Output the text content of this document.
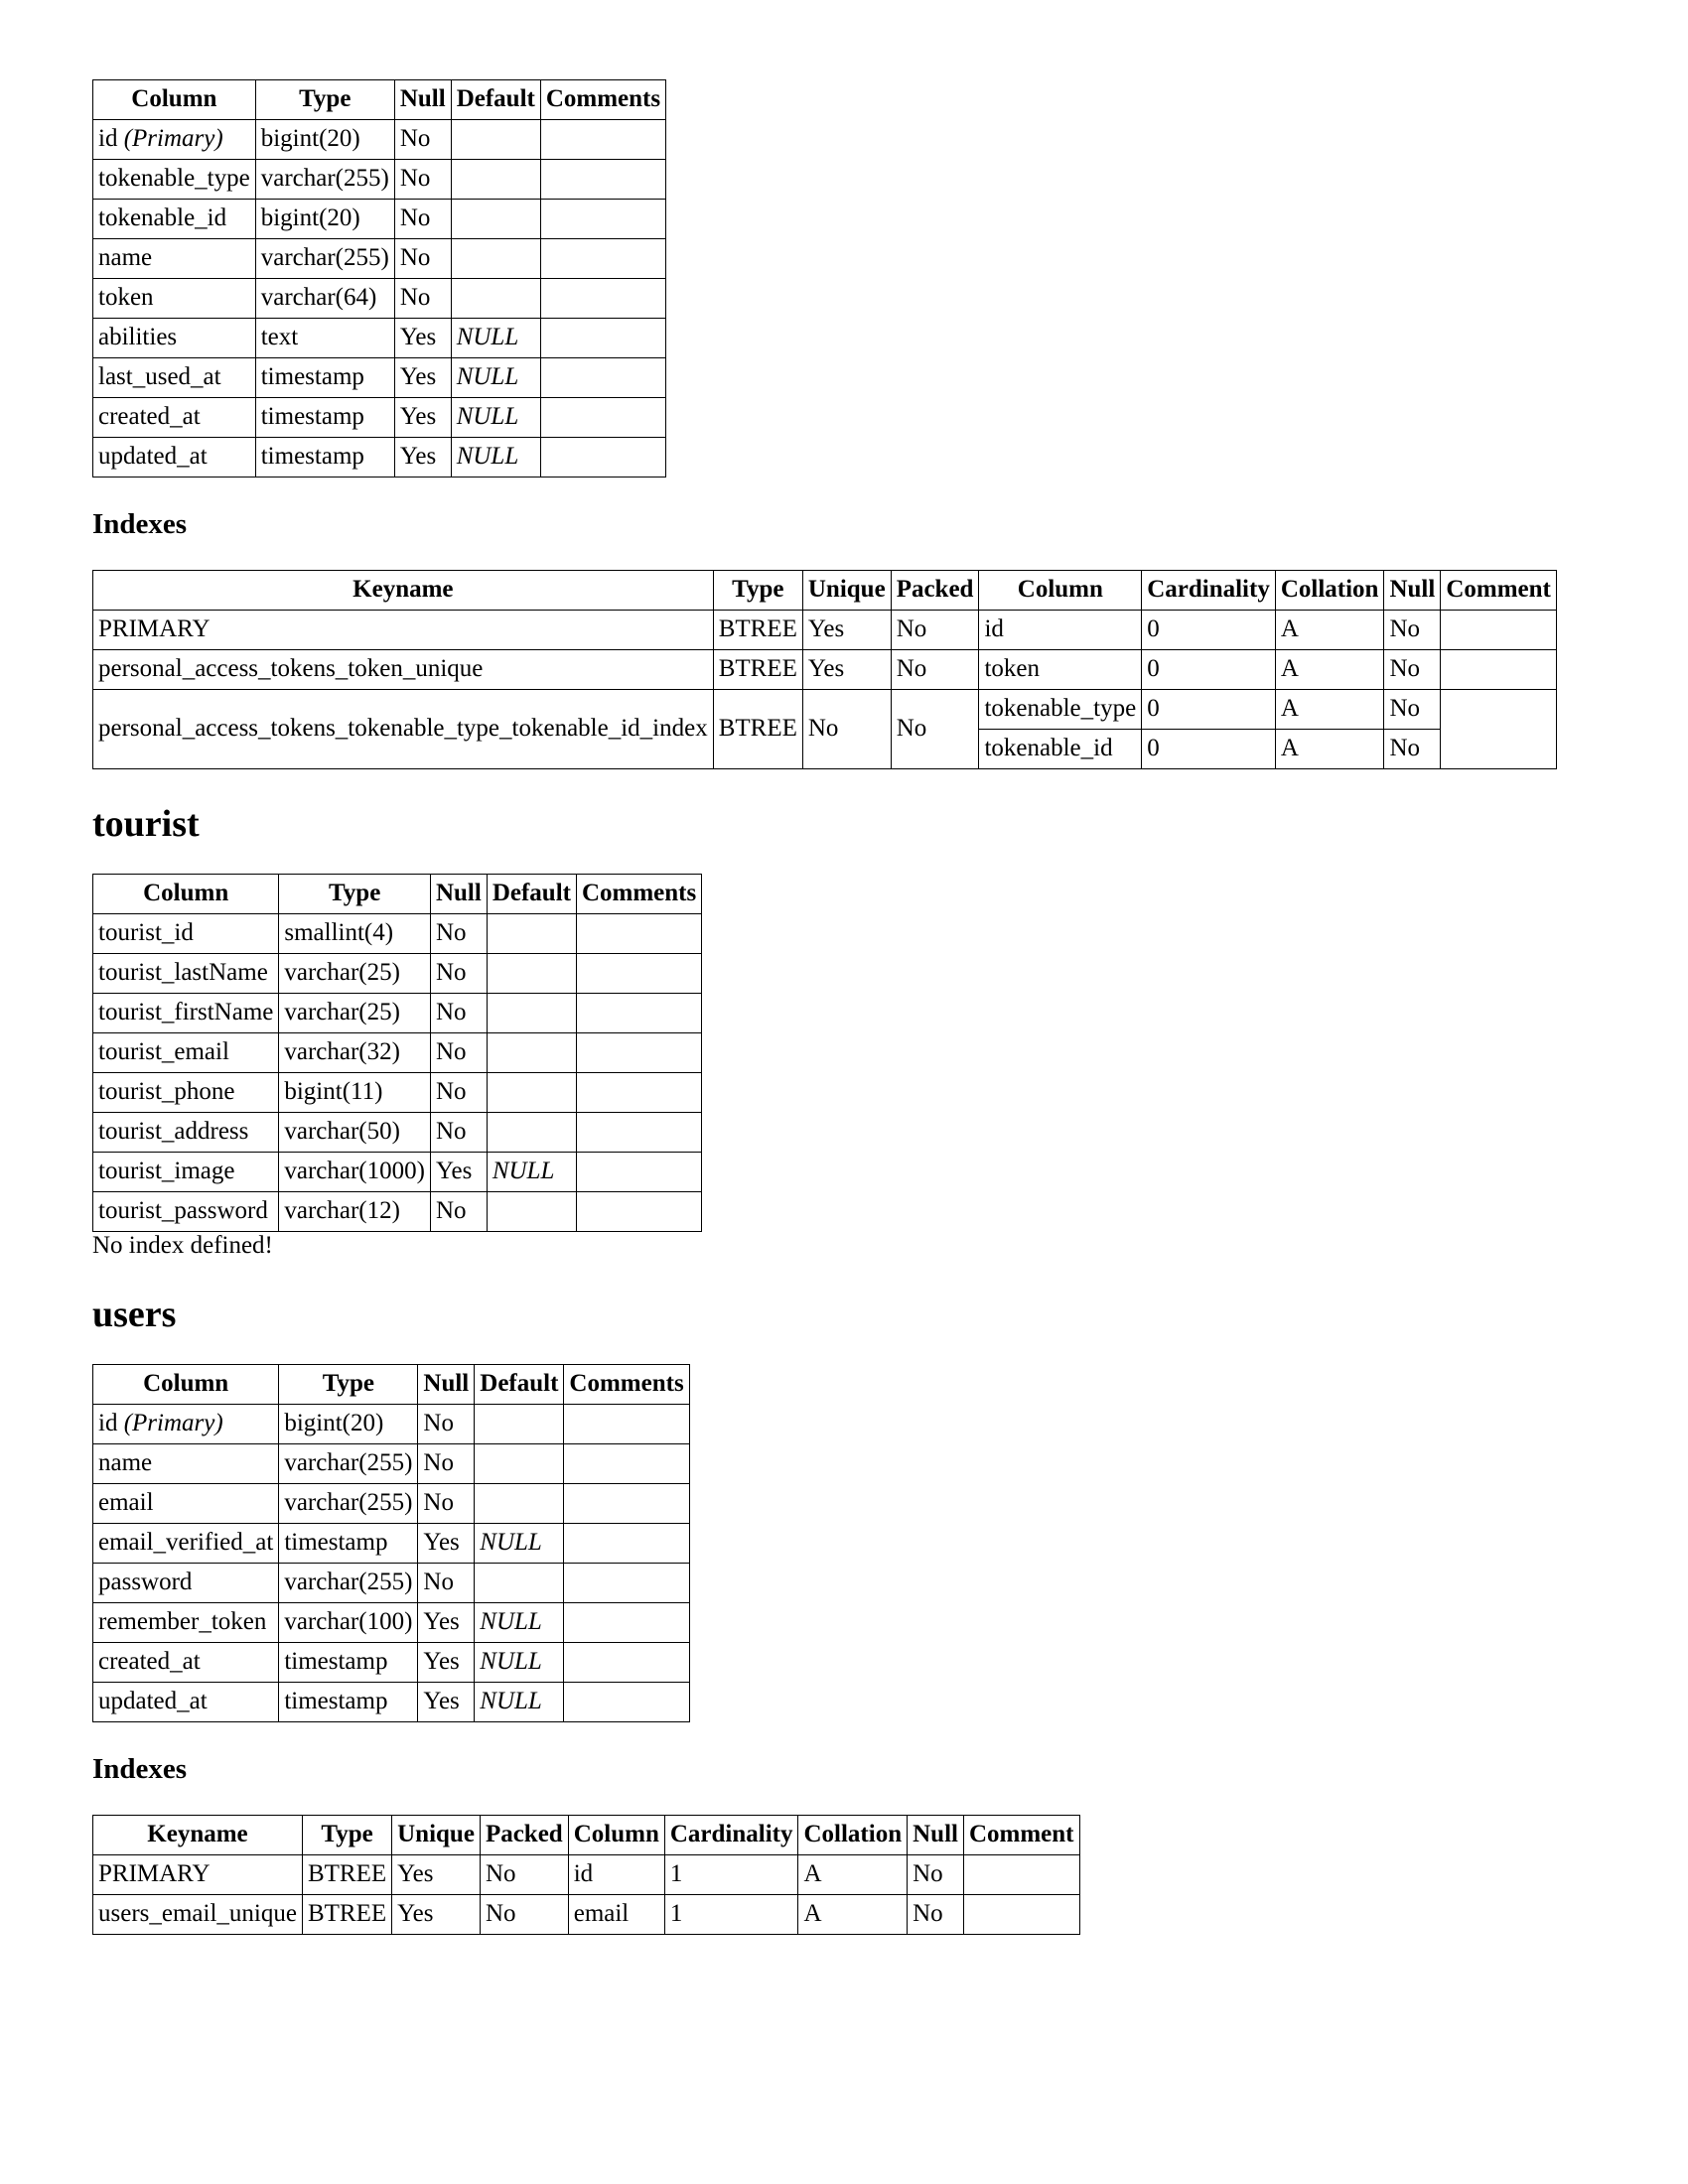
Column	Type	Null	Default	Comments
id (Primary)	bigint(20)	No		
tokenable_type	varchar(255)	No		
tokenable_id	bigint(20)	No		
name	varchar(255)	No		
token	varchar(64)	No		
abilities	text	Yes	NULL	
last_used_at	timestamp	Yes	NULL	
created_at	timestamp	Yes	NULL	
updated_at	timestamp	Yes	NULL	
Indexes
Keyname	Type	Unique	Packed	Column	Cardinality	Collation	Null	Comment
PRIMARY	BTREE	Yes	No	id	0	A	No	
personal_access_tokens_token_unique	BTREE	Yes	No	token	0	A	No	
personal_access_tokens_tokenable_type_tokenable_id_index	BTREE	No	No	tokenable_type	0	A	No	
				tokenable_id	0	A	No	
tourist
Column	Type	Null	Default	Comments
tourist_id	smallint(4)	No		
tourist_lastName	varchar(25)	No		
tourist_firstName	varchar(25)	No		
tourist_email	varchar(32)	No		
tourist_phone	bigint(11)	No		
tourist_address	varchar(50)	No		
tourist_image	varchar(1000)	Yes	NULL	
tourist_password	varchar(12)	No		

No index defined!

users
Column	Type	Null	Default	Comments
id (Primary)	bigint(20)	No		
name	varchar(255)	No		
email	varchar(255)	No		
email_verified_at	timestamp	Yes	NULL	
password	varchar(255)	No		
remember_token	varchar(100)	Yes	NULL	
created_at	timestamp	Yes	NULL	
updated_at	timestamp	Yes	NULL	
Indexes
Keyname	Type	Unique	Packed	Column	Cardinality	Collation	Null	Comment
PRIMARY	BTREE	Yes	No	id	1	A	No	
users_email_unique	BTREE	Yes	No	email	1	A	No	
